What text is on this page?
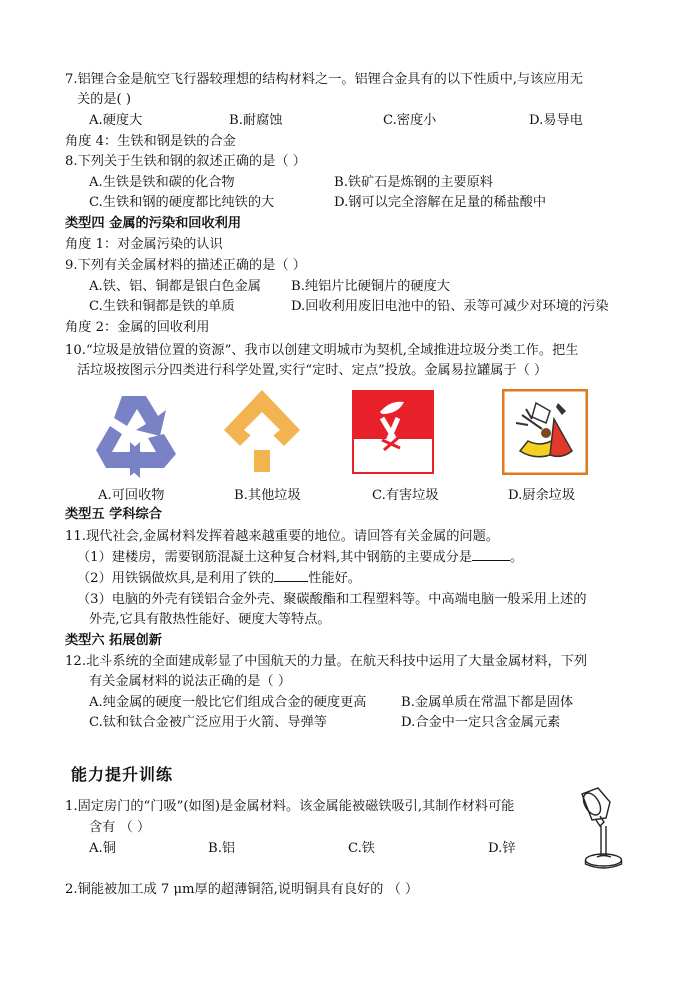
7.铝锂合金是航空飞行器较理想的结构材料之一。铝锂合金具有的以下性质中,与该应用无
关的是( )
A.硬度大	B.耐腐蚀	C.密度小	D.易导电
角度 4：生铁和钢是铁的合金
8.下列关于生铁和钢的叙述正确的是（ ）
A.生铁是铁和碳的化合物	B.铁矿石是炼钢的主要原料
C.生铁和钢的硬度都比纯铁的大	D.钢可以完全溶解在足量的稀盐酸中
类型四 金属的污染和回收利用
角度 1：对金属污染的认识
9.下列有关金属材料的描述正确的是（ ）
A.铁、铝、铜都是银白色金属 B.纯铝片比硬铜片的硬度大
C.生铁和铜都是铁的单质	D.回收利用废旧电池中的铅、汞等可减少对环境的污染
角度 2：金属的回收利用
10.“垃圾是放错位置的资源”、我市以创建文明城市为契机,全域推进垃圾分类工作。把生
活垃圾按图示分四类进行科学处置,实行“定时、定点”投放。金属易拉罐属于（ ）
A.可回收物	B.其他垃圾	C.有害垃圾	D.厨余垃圾
类型五 学科综合
11.现代社会,金属材料发挥着越来越重要的地位。请回答有关金属的问题。
（1）建楼房，需要钢筋混凝土这种复合材料,其中钢筋的主要成分是	。
（2）用铁锅做炊具,是利用了铁的	性能好。
（3）电脑的外壳有镁铝合金外壳、聚碳酸酯和工程塑料等。中高端电脑一般采用上述的
外壳,它具有散热性能好、硬度大等特点。
类型六 拓展创新
12.北斗系统的全面建成彰显了中国航天的力量。在航天科技中运用了大量金属材料，下列
有关金属材料的说法正确的是（ ）
A.纯金属的硬度一般比它们组成合金的硬度更高	B.金属单质在常温下都是固体
C.钛和钛合金被广泛应用于火箭、导弹等	D.合金中一定只含金属元素
能力提升训练
1.固定房门的“门吸”(如图)是金属材料。该金属能被磁铁吸引,其制作材料可能
含有 （ ）
A.铜	B.铝	C.铁	D.锌
2.铜能被加工成 7 μm厚的超薄铜箔,说明铜具有良好的 （ ）
